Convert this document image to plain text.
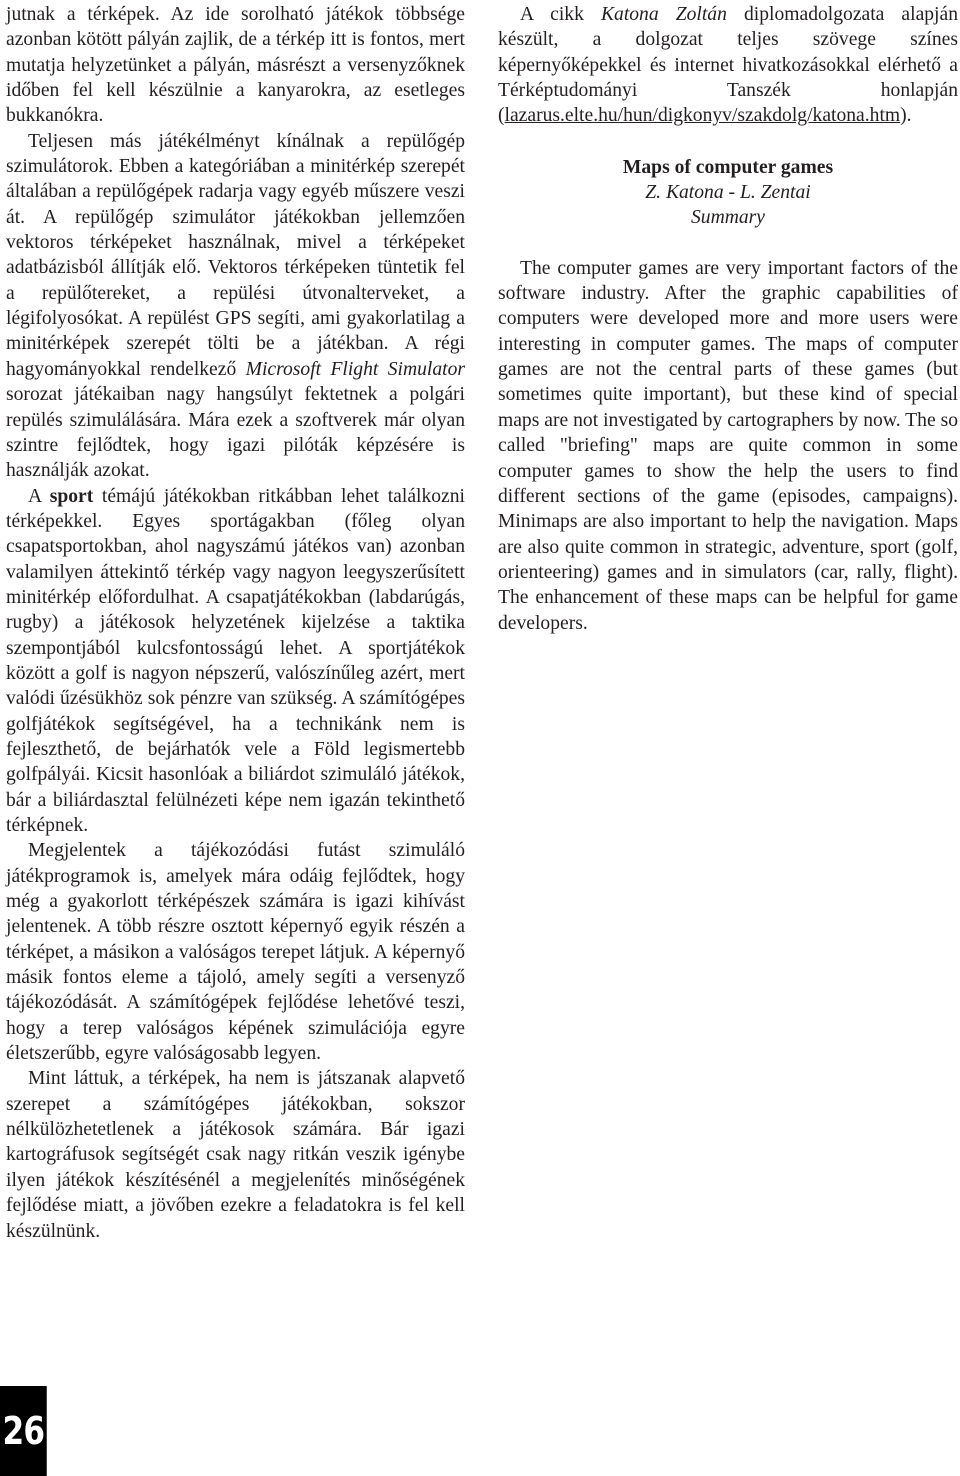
jutnak a térképek. Az ide sorolható játékok többsége azonban kötött pályán zajlik, de a térkép itt is fontos, mert mutatja helyzetünket a pályán, másrészt a versenyzőknek időben fel kell készülnie a kanyarokra, az esetleges bukkanókra.

Teljesen más játékélményt kínálnak a repülőgép szimulátorok. Ebben a kategóriában a minitérkép szerepét általában a repülőgépek radarja vagy egyéb műszere veszi át. A repülőgép szimulátor játékokban jellemzően vektoros térképeket használnak, mivel a térképeket adatbázisból állítják elő. Vektoros térképeken tüntetik fel a repülőtereket, a repülési útvonalterveket, a légifolyosókat. A repülést GPS segíti, ami gyakorlatilag a minitérképek szerepét tölti be a játékban. A régi hagyományokkal rendelkező Microsoft Flight Simulator sorozat játékaiban nagy hangsúlyt fektetnek a polgári repülés szimulálására. Mára ezek a szoftverek már olyan szintre fejlődtek, hogy igazi pilóták képzésére is használják azokat.

A sport témájú játékokban ritkábban lehet találkozni térképekkel. Egyes sportágakban (főleg olyan csapatsportokban, ahol nagyszámú játékos van) azonban valamilyen áttekintő térkép vagy nagyon leegyszerűsített minitérkép előfordulhat. A csapatjátékokban (labdarúgás, rugby) a játékosok helyzetének kijelzése a taktika szempontjából kulcsfontosságú lehet. A sportjátékok között a golf is nagyon népszerű, valószínűleg azért, mert valódi űzésükhöz sok pénzre van szükség. A számítógépes golfjátékok segítségével, ha a technikánk nem is fejleszthető, de bejárhatók vele a Föld legismertebb golfpályái. Kicsit hasonlóak a biliárdot szimuláló játékok, bár a biliárdasztal felülnézeti képe nem igazán tekinthető térképnek.

Megjelentek a tájékozódási futást szimuláló játékprogramok is, amelyek mára odáig fejlődtek, hogy még a gyakorlott térképészek számára is igazi kihívást jelentenek. A több részre osztott képernyő egyik részén a térképet, a másikon a valóságos terepet látjuk. A képernyő másik fontos eleme a tájoló, amely segíti a versenyző tájékozódását. A számítógépek fejlődése lehetővé teszi, hogy a terep valóságos képének szimulációja egyre életszerűbb, egyre valóságosabb legyen.

Mint láttuk, a térképek, ha nem is játszanak alapvető szerepet a számítógépes játékokban, sokszor nélkülözhetetlenek a játékosok számára. Bár igazi kartográfusok segítségét csak nagy ritkán veszik igénybe ilyen játékok készítésénél a megjelenítés minőségének fejlődése miatt, a jövőben ezekre a feladatokra is fel kell készülnünk.

A cikk Katona Zoltán diplomadolgozata alapján készült, a dolgozat teljes szövege színes képernyőképekkel és internet hivatkozásokkal elérhető a Térképtudományi Tanszék honlapján (lazarus.elte.hu/hun/digkonyv/szakdolg/katona.htm).

Maps of computer games

Z. Katona - L. Zentai

Summary

The computer games are very important factors of the software industry. After the graphic capabilities of computers were developed more and more users were interesting in computer games. The maps of computer games are not the central parts of these games (but sometimes quite important), but these kind of special maps are not investigated by cartographers by now. The so called "briefing" maps are quite common in some computer games to show the help the users to find different sections of the game (episodes, campaigns). Minimaps are also important to help the navigation. Maps are also quite common in strategic, adventure, sport (golf, orienteering) games and in simulators (car, rally, flight). The enhancement of these maps can be helpful for game developers.

26
